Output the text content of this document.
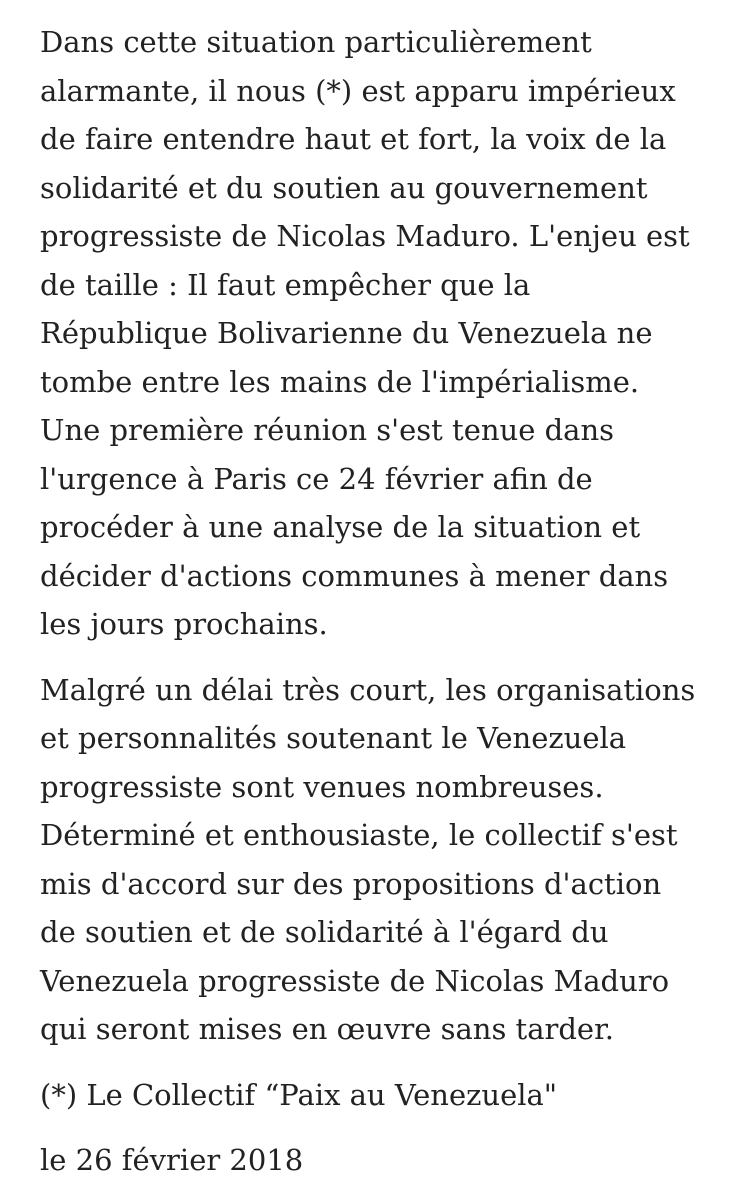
Dans cette situation particulièrement
alarmante, il nous (*) est apparu impérieux
de faire entendre haut et fort, la voix de la
solidarité et du soutien au gouvernement
progressiste de Nicolas Maduro. L'enjeu est
de taille : Il faut empêcher que la
République Bolivarienne du Venezuela ne
tombe entre les mains de l'impérialisme.
Une première réunion s'est tenue dans
l'urgence à Paris ce 24 février afin de
procéder à une analyse de la situation et
décider d'actions communes à mener dans
les jours prochains.

Malgré un délai très court, les organisations
et personnalités soutenant le Venezuela
progressiste sont venues nombreuses.
Déterminé et enthousiaste, le collectif s'est
mis d'accord sur des propositions d'action
de soutien et de solidarité à l'égard du
Venezuela progressiste de Nicolas Maduro
qui seront mises en œuvre sans tarder.

(*) Le Collectif “Paix au Venezuela"

le 26 février 2018
